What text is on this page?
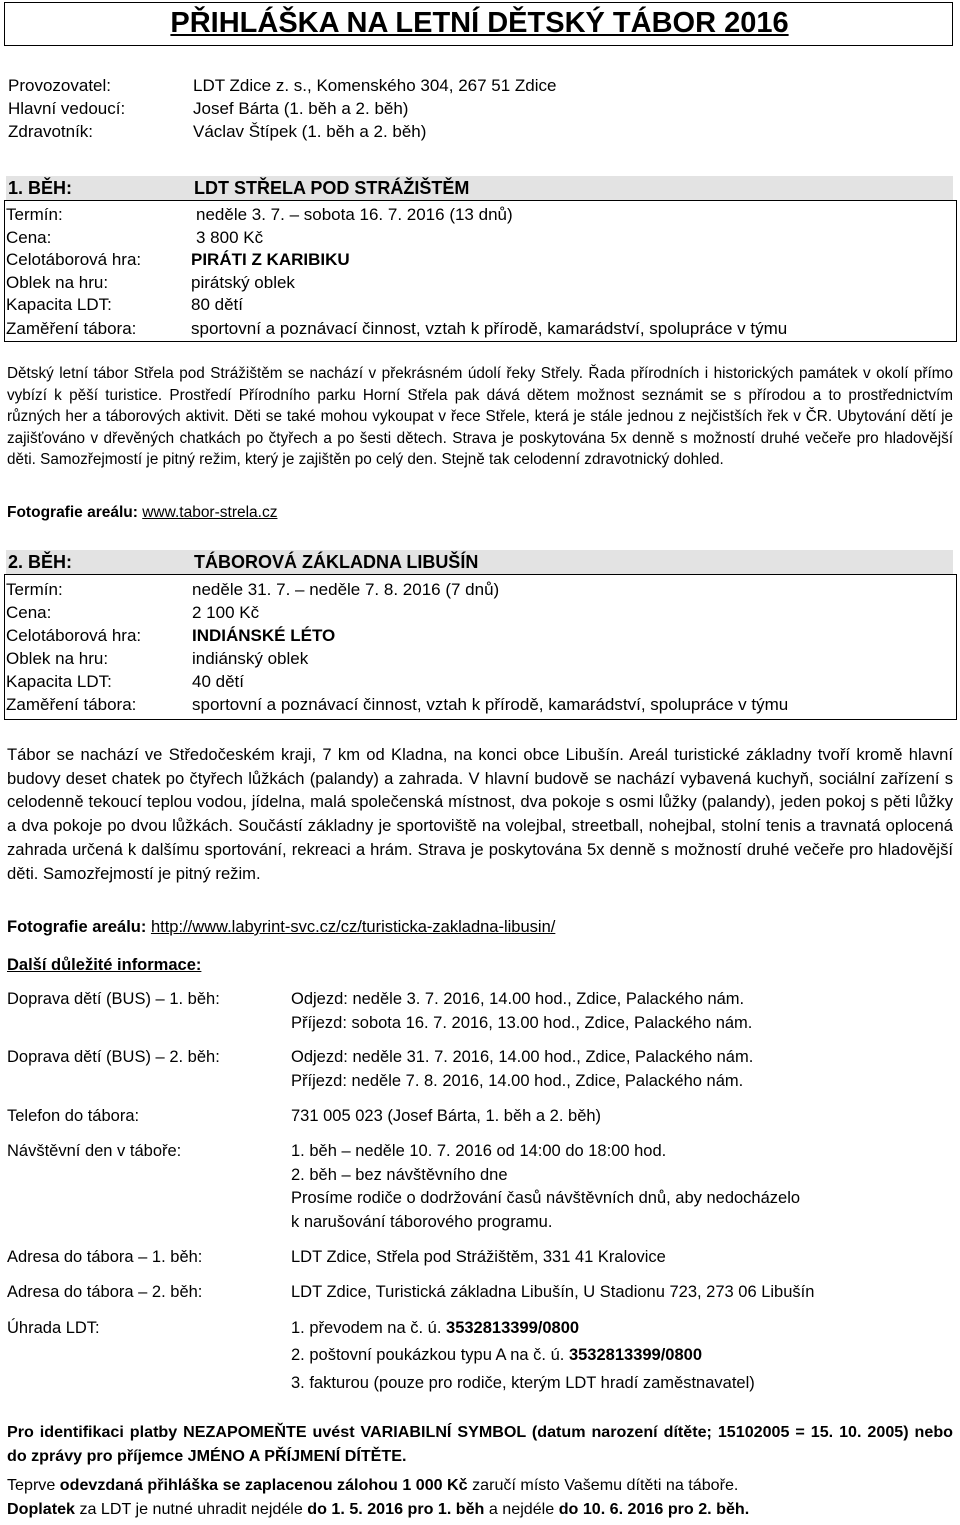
PŘIHLÁŠKA NA LETNÍ DĚTSKÝ TÁBOR 2016
Provozovatel:	LDT Zdice z. s., Komenského 304, 267 51 Zdice
Hlavní vedoucí:	Josef Bárta (1. běh a 2. běh)
Zdravotník:	Václav Štípek (1. běh a 2. běh)
1. BĚH:	LDT STŘELA POD STRÁŽIŠTĚM
Termín:	neděle 3. 7. – sobota 16. 7. 2016 (13 dnů)
Cena:	3 800 Kč
Celotáborová hra:	PIRÁTI Z KARIBIKU
Oblek na hru:	pirátský oblek
Kapacita LDT:	80 dětí
Zaměření tábora:	sportovní a poznávací činnost, vztah k přírodě, kamarádství, spolupráce v týmu
Dětský letní tábor Střela pod Strážištěm se nachází v překrásném údolí řeky Střely. Řada přírodních i historických památek v okolí přímo vybízí k pěší turistice. Prostředí Přírodního parku Horní Střela pak dává dětem možnost seznámit se s přírodou a to prostřednictvím různých her a táborových aktivit. Děti se také mohou vykoupat v řece Střele, která je stále jednou z nejčistších řek v ČR. Ubytování dětí je zajišťováno v dřevěných chatkách po čtyřech a po šesti dětech. Strava je poskytována 5x denně s možností druhé večeře pro hladovější děti. Samozřejmostí je pitný režim, který je zajištěn po celý den. Stejně tak celodenní zdravotnický dohled.
Fotografie areálu: www.tabor-strela.cz
2. BĚH:	TÁBOROVÁ ZÁKLADNA LIBUŠÍN
Termín:	neděle 31. 7. – neděle 7. 8. 2016 (7 dnů)
Cena:	2 100 Kč
Celotáborová hra:	INDIÁNSKÉ LÉTO
Oblek na hru:	indiánský oblek
Kapacita LDT:	40 dětí
Zaměření tábora:	sportovní a poznávací činnost, vztah k přírodě, kamarádství, spolupráce v týmu
Tábor se nachází ve Středočeském kraji, 7 km od Kladna, na konci obce Libušín. Areál turistické základny tvoří kromě hlavní budovy deset chatek po čtyřech lůžkách (palandy) a zahrada. V hlavní budově se nachází vybavená kuchyň, sociální zařízení s celodenně tekoucí teplou vodou, jídelna, malá společenská místnost, dva pokoje s osmi lůžky (palandy), jeden pokoj s pěti lůžky a dva pokoje po dvou lůžkách. Součástí základny je sportoviště na volejbal, streetball, nohejbal, stolní tenis a travnatá oplocená zahrada určená k dalšímu sportování, rekreaci a hrám. Strava je poskytována 5x denně s možností druhé večeře pro hladovější děti. Samozřejmostí je pitný režim.
Fotografie areálu: http://www.labyrint-svc.cz/cz/turisticka-zakladna-libusin/
Další důležité informace:
Doprava dětí (BUS) – 1. běh:	Odjezd: neděle 3. 7. 2016, 14.00 hod., Zdice, Palackého nám.
Příjezd: sobota 16. 7. 2016, 13.00 hod., Zdice, Palackého nám.
Doprava dětí (BUS) – 2. běh:	Odjezd: neděle 31. 7. 2016, 14.00 hod., Zdice, Palackého nám.
Příjezd: neděle 7. 8. 2016, 14.00 hod., Zdice, Palackého nám.
Telefon do tábora:	731 005 023 (Josef Bárta, 1. běh a 2. běh)
Návštěvní den v táboře:	1. běh – neděle 10. 7. 2016 od 14:00 do 18:00 hod.
2. běh – bez návštěvního dne
Prosíme rodiče o dodržování časů návštěvních dnů, aby nedocházelo
k narušování táborového programu.
Adresa do tábora – 1. běh:	LDT Zdice, Střela pod Strážištěm, 331 41 Kralovice
Adresa do tábora – 2. běh:	LDT Zdice, Turistická základna Libušín, U Stadionu 723, 273 06 Libušín
Úhrada LDT:	1. převodem na č. ú. 3532813399/0800
2. poštovní poukázkou typu A na č. ú. 3532813399/0800
3. fakturou (pouze pro rodiče, kterým LDT hradí zaměstnavatel)
Pro identifikaci platby NEZAPOMEŇTE uvést VARIABILNÍ SYMBOL (datum narození dítěte; 15102005 = 15. 10. 2005) nebo do zprávy pro příjemce JMÉNO A PŘÍJMENÍ DÍTĚTE.
Teprve odevzdaná přihláška se zaplacenou zálohou 1 000 Kč zaručí místo Vašemu dítěti na táboře.
Doplatek za LDT je nutné uhradit nejdéle do 1. 5. 2016 pro 1. běh a nejdéle do 10. 6. 2016 pro 2. běh.
